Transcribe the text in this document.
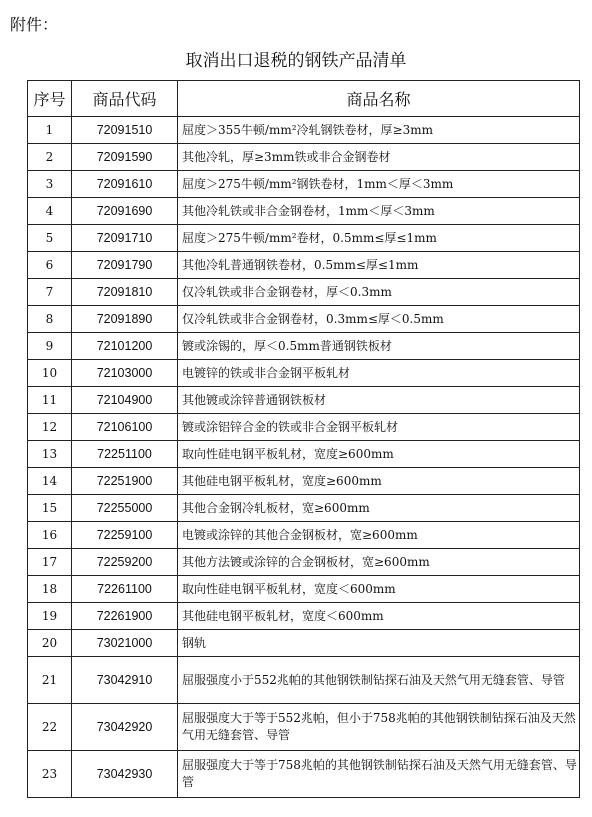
附件：
取消出口退税的钢铁产品清单
序号	商品代码	商品名称
1	72091510	屈度＞355牛顿/mm²冷轧钢铁卷材，厚≥3mm
2	72091590	其他冷轧，厚≥3mm铁或非合金钢卷材
3	72091610	屈度＞275牛顿/mm²钢铁卷材，1mm＜厚＜3mm
4	72091690	其他冷轧铁或非合金钢卷材，1mm＜厚＜3mm
5	72091710	屈度＞275牛顿/mm²卷材，0.5mm≤厚≤1mm
6	72091790	其他冷轧普通钢铁卷材，0.5mm≤厚≤1mm
7	72091810	仅冷轧铁或非合金钢卷材，厚＜0.3mm
8	72091890	仅冷轧铁或非合金钢卷材，0.3mm≤厚＜0.5mm
9	72101200	镀或涂锡的，厚＜0.5mm普通钢铁板材
10	72103000	电镀锌的铁或非合金钢平板轧材
11	72104900	其他镀或涂锌普通钢铁板材
12	72106100	镀或涂铝锌合金的铁或非合金钢平板轧材
13	72251100	取向性硅电钢平板轧材，宽度≥600mm
14	72251900	其他硅电钢平板轧材，宽度≥600mm
15	72255000	其他合金钢冷轧板材，宽≥600mm
16	72259100	电镀或涂锌的其他合金钢板材，宽≥600mm
17	72259200	其他方法镀或涂锌的合金钢板材，宽≥600mm
18	72261100	取向性硅电钢平板轧材，宽度＜600mm
19	72261900	其他硅电钢平板轧材，宽度＜600mm
20	73021000	钢轨
21	73042910	屈服强度小于552兆帕的其他钢铁制钻探石油及天然气用无缝套管、导管
22	73042920	屈服强度大于等于552兆帕，但小于758兆帕的其他钢铁制钻探石油及天然气用无缝套管、导管
23	73042930	屈服强度大于等于758兆帕的其他钢铁制钻探石油及天然气用无缝套管、导管
